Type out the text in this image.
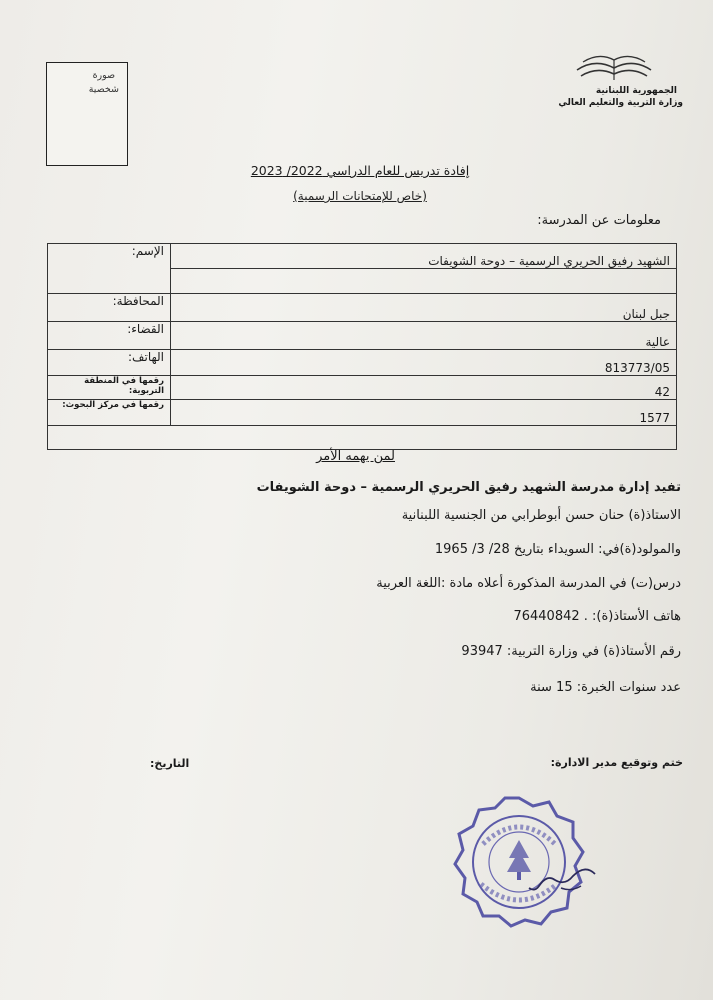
صورة
شخصية	الجمهورية اللبنانية
وزارة التربية والتعليم العالي
إفادة تدريس للعام الدراسي 2022/ 2023
(خاص للإمتحانات الرسمية)
معلومات عن المدرسة:
الإسم:	الشهيد رفيق الحريري الرسمية – دوحة الشويفات

المحافظة:	جبل لبنان
القضاء:	عالية
الهاتف:	813773/05
رقمها في المنطقة التربوية:	42
رقمها في مركز البحوث:	1577

لمن يهمه الأمر
تفيد إدارة مدرسة الشهيد رفيق الحريري الرسمية – دوحة الشويفات
الاستاذ(ة) حنان حسن أبوطرابي من الجنسية اللبنانية
والمولود(ة)في: السويداء بتاريخ 28/ 3/ 1965
درس(ت) في المدرسة المذكورة أعلاه مادة :اللغة العربية
هاتف الأستاذ(ة): . 76440842
رقم الأستاذ(ة) في وزارة التربية: 93947
عدد سنوات الخبرة: 15 سنة
ختم وتوقيع مدير الادارة:
التاريخ:
